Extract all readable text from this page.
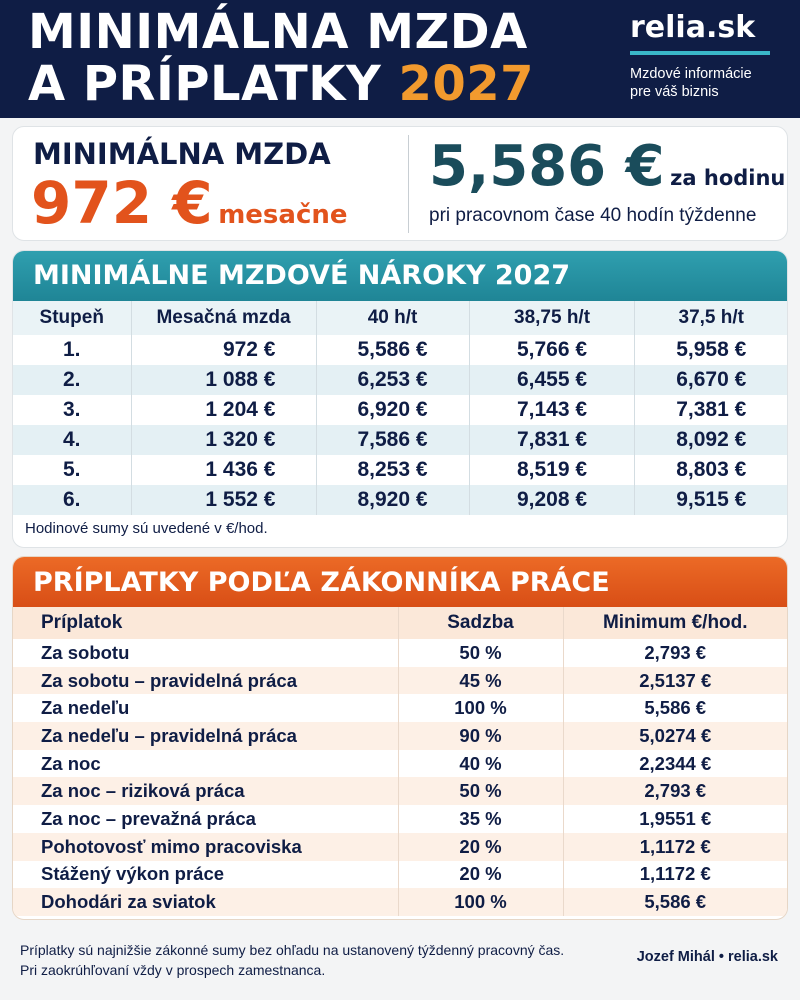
MINIMÁLNA MZDA
A PRÍPLATKY 2027
relia.sk
Mzdové informácie
pre váš biznis
MINIMÁLNA MZDA
972 € mesačne
5,586 € za hodinu
pri pracovnom čase 40 hodín týždenne
MINIMÁLNE MZDOVÉ NÁROKY 2027
Stupeň	Mesačná mzda	40 h/t	38,75 h/t	37,5 h/t
1.	972 €	5,586 €	5,766 €	5,958 €
2.	1 088 €	6,253 €	6,455 €	6,670 €
3.	1 204 €	6,920 €	7,143 €	7,381 €
4.	1 320 €	7,586 €	7,831 €	8,092 €
5.	1 436 €	8,253 €	8,519 €	8,803 €
6.	1 552 €	8,920 €	9,208 €	9,515 €
Hodinové sumy sú uvedené v €/hod.
PRÍPLATKY PODĽA ZÁKONNÍKA PRÁCE
Príplatok	Sadzba	Minimum €/hod.
Za sobotu	50 %	2,793 €
Za sobotu – pravidelná práca	45 %	2,5137 €
Za nedeľu	100 %	5,586 €
Za nedeľu – pravidelná práca	90 %	5,0274 €
Za noc	40 %	2,2344 €
Za noc – riziková práca	50 %	2,793 €
Za noc – prevažná práca	35 %	1,9551 €
Pohotovosť mimo pracoviska	20 %	1,1172 €
Stážený výkon práce	20 %	1,1172 €
Dohodári za sviatok	100 %	5,586 €
Príplatky sú najnižšie zákonné sumy bez ohľadu na ustanovený týždenný pracovný čas.
Pri zaokrúhľovaní vždy v prospech zamestnanca.
Jozef Mihál • relia.sk
